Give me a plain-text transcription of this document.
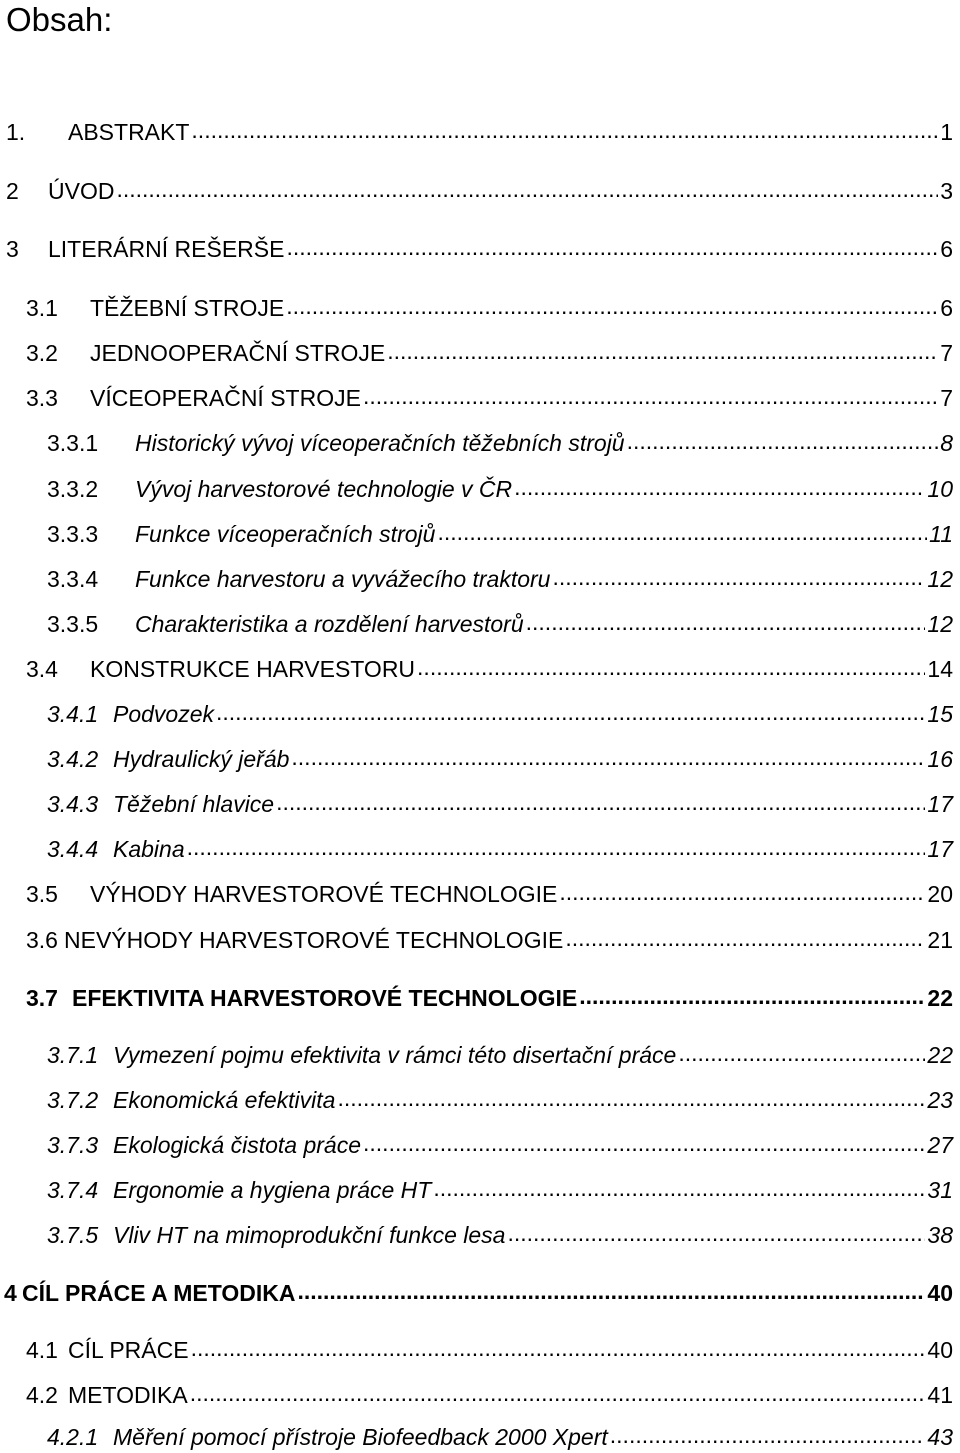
Obsah:
1.	ABSTRAKT .....	1
2	ÚVOD .....	3
3	LITERÁRNÍ REŠERŠE .....	6
3.1	TĚŽEBNÍ STROJE .....	6
3.2	JEDNOOPERAČNÍ STROJE .....	7
3.3	VÍCEOPERAČNÍ STROJE .....	7
3.3.1	Historický vývoj víceoperačních těžebních strojů .....	8
3.3.2	Vývoj harvestorové technologie v ČR .....	10
3.3.3	Funkce víceoperačních strojů .....	11
3.3.4	Funkce harvestoru a vyvážecího traktoru .....	12
3.3.5	Charakteristika a rozdělení harvestorů .....	12
3.4	KONSTRUKCE HARVESTORU .....	14
3.4.1 Podvozek .....	15
3.4.2 Hydraulický jeřáb .....	16
3.4.3 Těžební hlavice .....	17
3.4.4 Kabina .....	17
3.5	VÝHODY HARVESTOROVÉ TECHNOLOGIE .....	20
3.6 NEVÝHODY HARVESTOROVÉ TECHNOLOGIE .....	21
3.7 EFEKTIVITA HARVESTOROVÉ TECHNOLOGIE .....	22
3.7.1 Vymezení pojmu efektivita v rámci této disertační práce .....	22
3.7.2 Ekonomická efektivita .....	23
3.7.3 Ekologická čistota práce .....	27
3.7.4 Ergonomie a hygiena práce HT .....	31
3.7.5 Vliv HT na mimoprodukční funkce lesa .....	38
4 CÍL PRÁCE A METODIKA .....	40
4.1 CÍL PRÁCE .....	40
4.2 METODIKA .....	41
4.2.1 Měření pomocí přístroje Biofeedback 2000 Xpert .....	43
